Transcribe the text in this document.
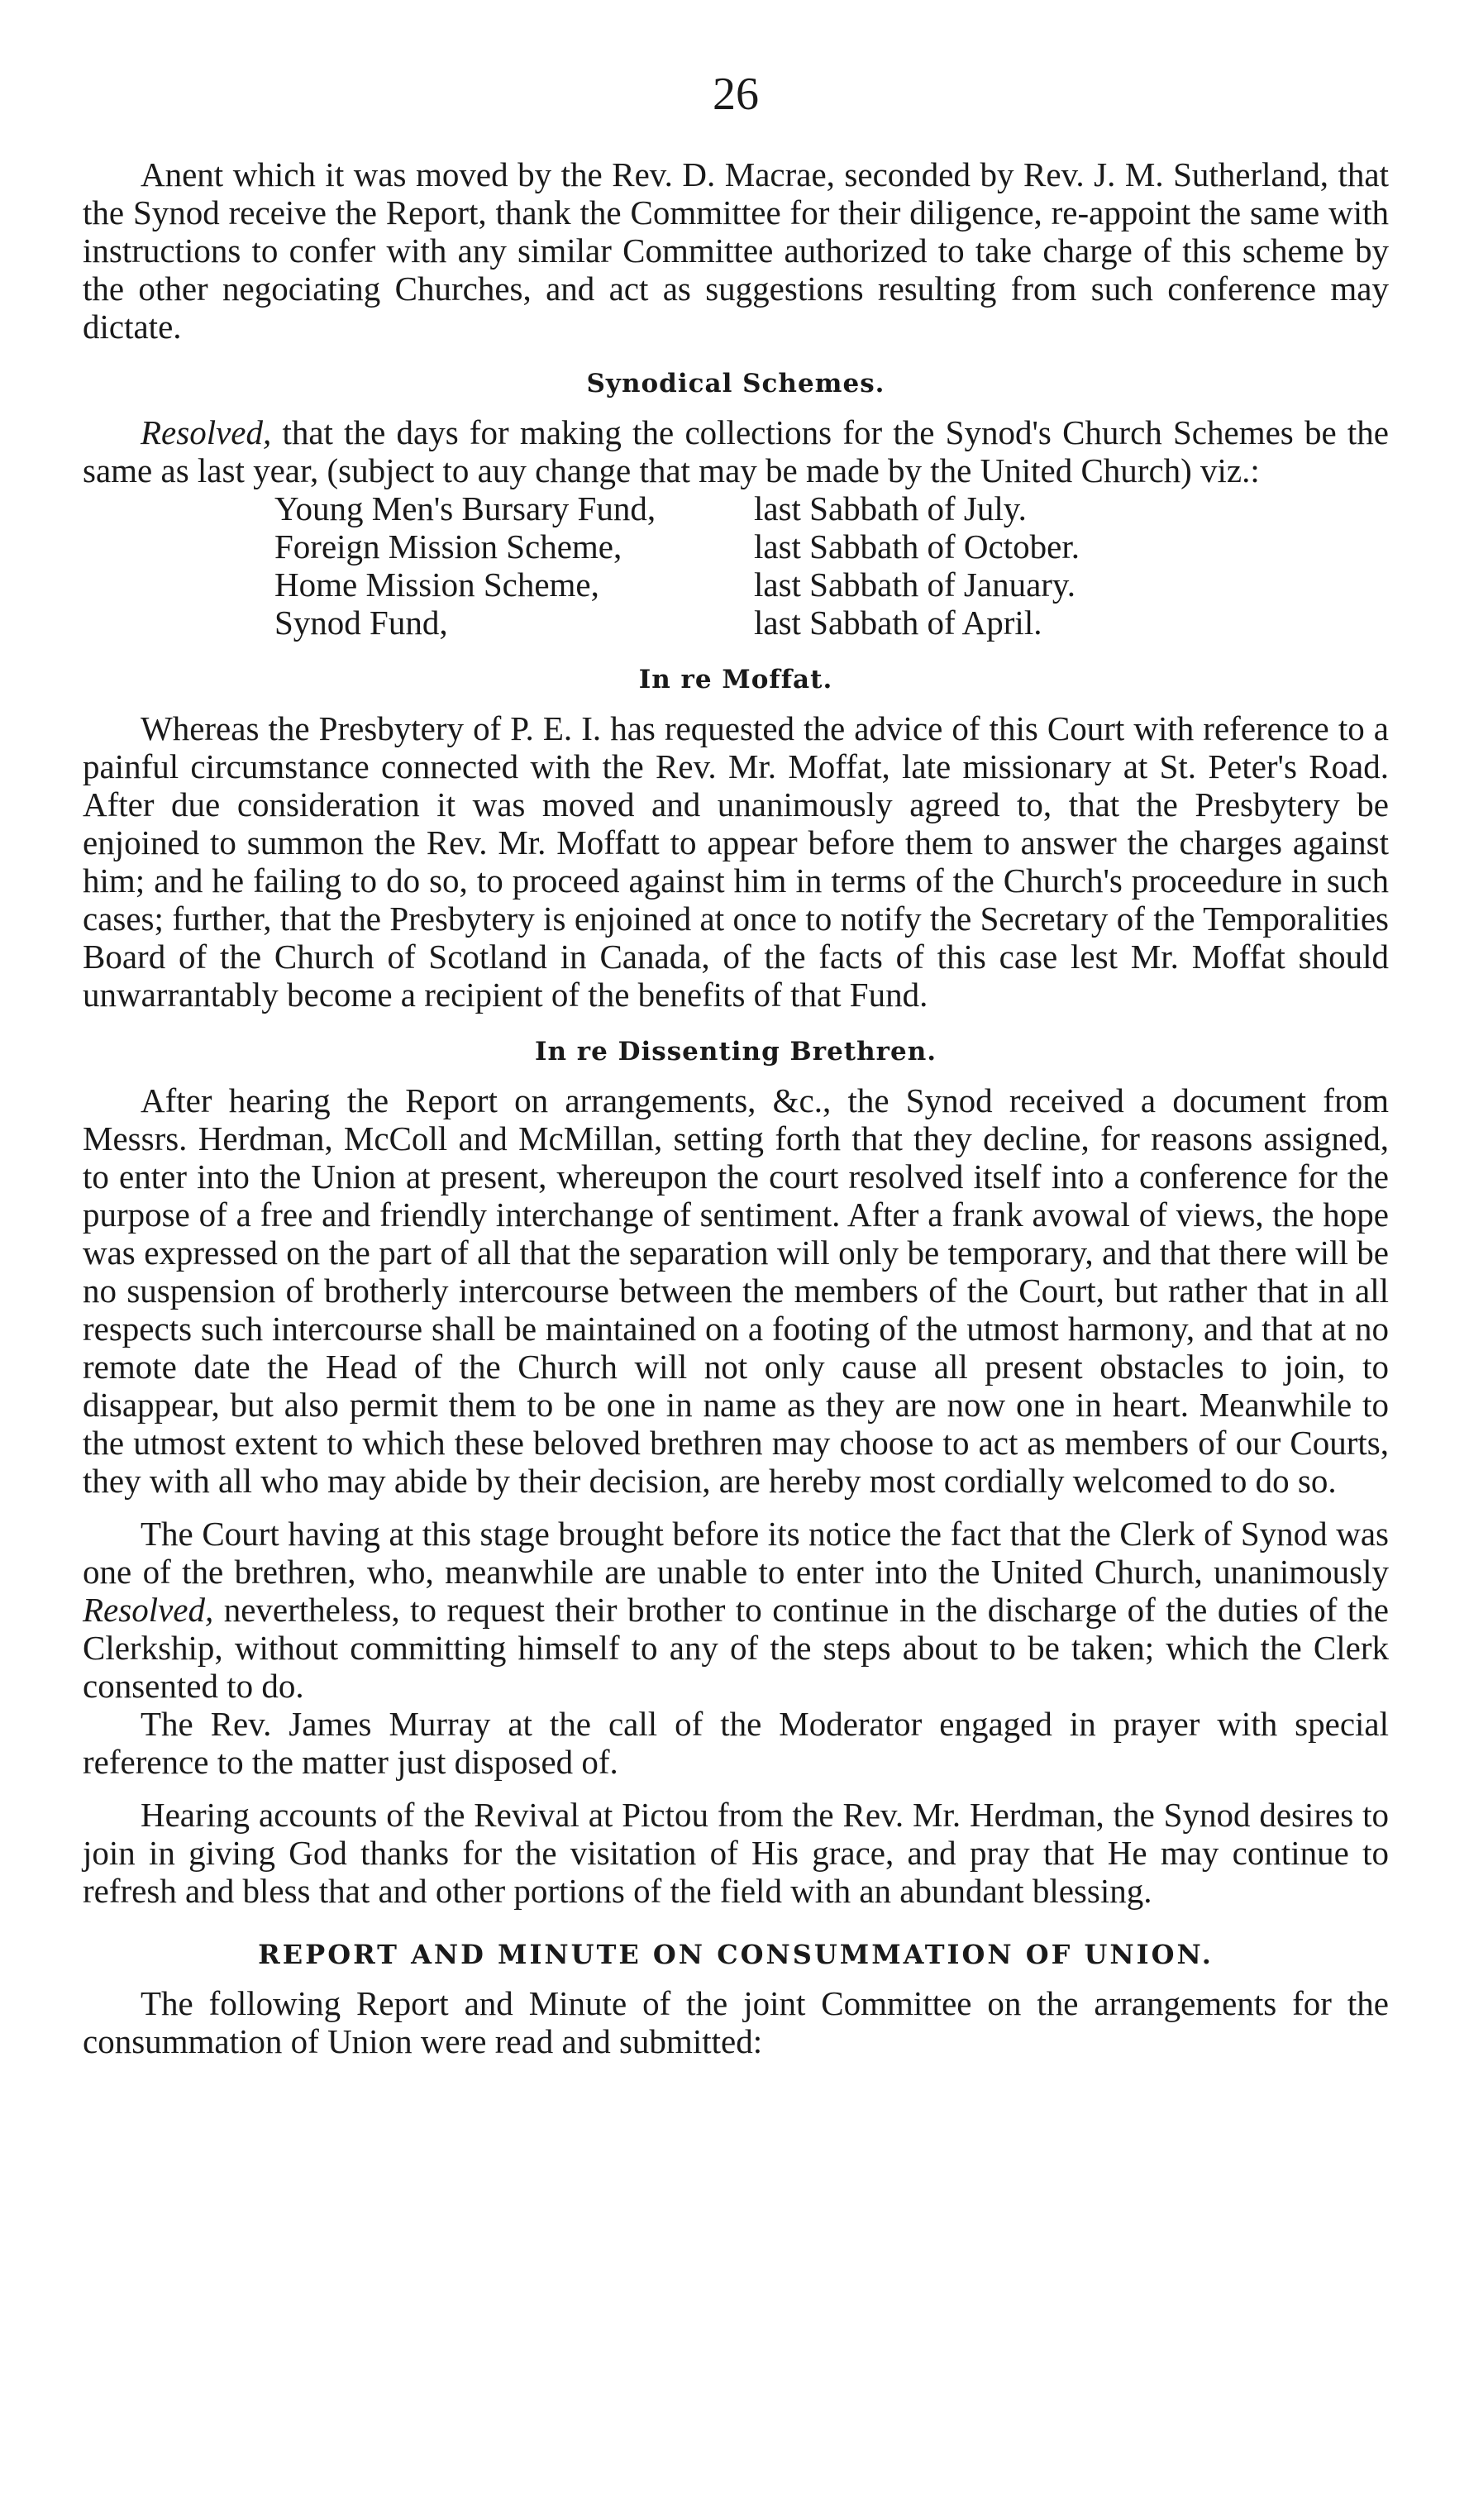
26

Anent which it was moved by the Rev. D. Macrae, seconded by Rev. J. M. Sutherland, that the Synod receive the Report, thank the Committee for their diligence, re-appoint the same with instructions to confer with any similar Committee authorized to take charge of this scheme by the other negociating Churches, and act as suggestions resulting from such conference may dictate.

Synodical Schemes.

Resolved, that the days for making the collections for the Synod's Church Schemes be the same as last year, (subject to auy change that may be made by the United Church) viz.:

Young Men's Bursary Fund,	last Sabbath of July.
Foreign Mission Scheme,	last Sabbath of October.
Home Mission Scheme,	last Sabbath of January.
Synod Fund,	last Sabbath of April.
In re Moffat.

Whereas the Presbytery of P. E. I. has requested the advice of this Court with reference to a painful circumstance connected with the Rev. Mr. Moffat, late missionary at St. Peter's Road. After due consideration it was moved and unanimously agreed to, that the Presbytery be enjoined to summon the Rev. Mr. Moffatt to appear before them to answer the charges against him; and he failing to do so, to proceed against him in terms of the Church's proceedure in such cases; further, that the Presbytery is enjoined at once to notify the Secretary of the Temporalities Board of the Church of Scotland in Canada, of the facts of this case lest Mr. Moffat should unwarrantably become a recipient of the benefits of that Fund.

In re Dissenting Brethren.

After hearing the Report on arrangements, &c., the Synod received a document from Messrs. Herdman, McColl and McMillan, setting forth that they decline, for reasons assigned, to enter into the Union at present, whereupon the court resolved itself into a conference for the purpose of a free and friendly interchange of sentiment. After a frank avowal of views, the hope was expressed on the part of all that the separation will only be temporary, and that there will be no suspension of brotherly intercourse between the members of the Court, but rather that in all respects such intercourse shall be maintained on a footing of the utmost harmony, and that at no remote date the Head of the Church will not only cause all present obstacles to join, to disappear, but also permit them to be one in name as they are now one in heart. Meanwhile to the utmost extent to which these beloved brethren may choose to act as members of our Courts, they with all who may abide by their decision, are hereby most cordially welcomed to do so.

The Court having at this stage brought before its notice the fact that the Clerk of Synod was one of the brethren, who, meanwhile are unable to enter into the United Church, unanimously Resolved, nevertheless, to request their brother to continue in the discharge of the duties of the Clerkship, without committing himself to any of the steps about to be taken; which the Clerk consented to do.

The Rev. James Murray at the call of the Moderator engaged in prayer with special reference to the matter just disposed of.

Hearing accounts of the Revival at Pictou from the Rev. Mr. Herdman, the Synod desires to join in giving God thanks for the visitation of His grace, and pray that He may continue to refresh and bless that and other portions of the field with an abundant blessing.

REPORT AND MINUTE ON CONSUMMATION OF UNION.

The following Report and Minute of the joint Committee on the arrangements for the consummation of Union were read and submitted:
